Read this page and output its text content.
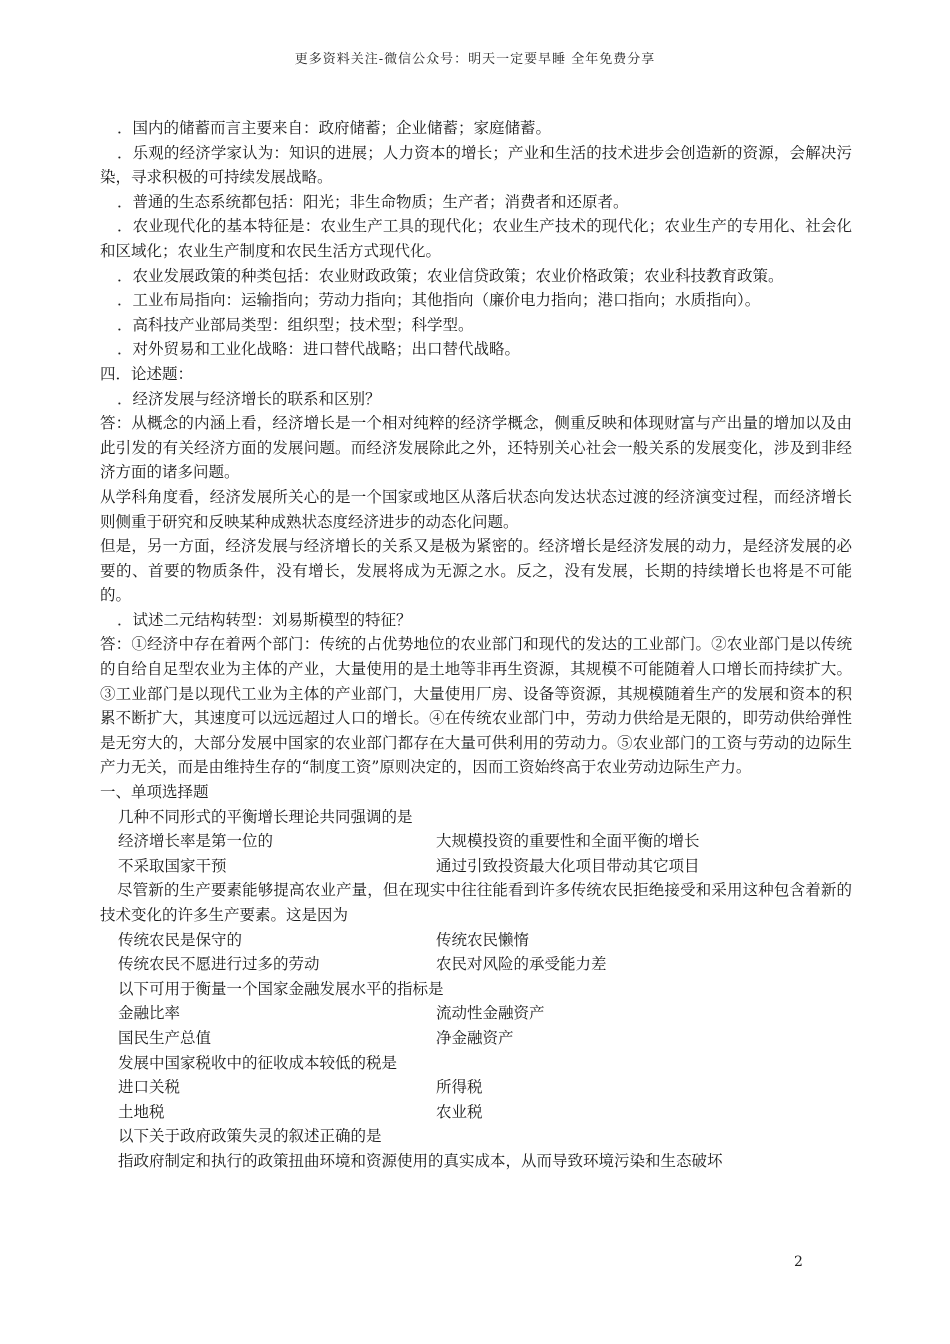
更多资料关注-微信公众号：明天一定要早睡 全年免费分享

．国内的储蓄而言主要来自：政府储蓄；企业储蓄；家庭储蓄。

．乐观的经济学家认为：知识的进展；人力资本的增长；产业和生活的技术进步会创造新的资源，会解决污染，寻求积极的可持续发展战略。

．普通的生态系统都包括：阳光；非生命物质；生产者；消费者和还原者。

．农业现代化的基本特征是：农业生产工具的现代化；农业生产技术的现代化；农业生产的专用化、社会化和区域化；农业生产制度和农民生活方式现代化。

．农业发展政策的种类包括：农业财政政策；农业信贷政策；农业价格政策；农业科技教育政策。

．工业布局指向：运输指向；劳动力指向；其他指向（廉价电力指向；港口指向；水质指向）。

．高科技产业部局类型：组织型；技术型；科学型。

．对外贸易和工业化战略：进口替代战略；出口替代战略。

四．论述题：

．经济发展与经济增长的联系和区别？

答：从概念的内涵上看，经济增长是一个相对纯粹的经济学概念，侧重反映和体现财富与产出量的增加以及由此引发的有关经济方面的发展问题。而经济发展除此之外，还特别关心社会一般关系的发展变化，涉及到非经济方面的诸多问题。

从学科角度看，经济发展所关心的是一个国家或地区从落后状态向发达状态过渡的经济演变过程，而经济增长则侧重于研究和反映某种成熟状态度经济进步的动态化问题。

但是，另一方面，经济发展与经济增长的关系又是极为紧密的。经济增长是经济发展的动力，是经济发展的必要的、首要的物质条件，没有增长，发展将成为无源之水。反之，没有发展，长期的持续增长也将是不可能的。

．试述二元结构转型：刘易斯模型的特征？

答：①经济中存在着两个部门：传统的占优势地位的农业部门和现代的发达的工业部门。②农业部门是以传统的自给自足型农业为主体的产业，大量使用的是土地等非再生资源，其规模不可能随着人口增长而持续扩大。③工业部门是以现代工业为主体的产业部门，大量使用厂房、设备等资源，其规模随着生产的发展和资本的积累不断扩大，其速度可以远远超过人口的增长。④在传统农业部门中，劳动力供给是无限的，即劳动供给弹性是无穷大的，大部分发展中国家的农业部门都存在大量可供利用的劳动力。⑤农业部门的工资与劳动的边际生产力无关，而是由维持生存的“制度工资”原则决定的，因而工资始终高于农业劳动边际生产力。

一、单项选择题

几种不同形式的平衡增长理论共同强调的是

经济增长率是第一位的	大规模投资的重要性和全面平衡的增长
不采取国家干预	通过引致投资最大化项目带动其它项目

尽管新的生产要素能够提高农业产量，但在现实中往往能看到许多传统农民拒绝接受和采用这种包含着新的技术变化的许多生产要素。这是因为

传统农民是保守的	传统农民懒惰
传统农民不愿进行过多的劳动	农民对风险的承受能力差

以下可用于衡量一个国家金融发展水平的指标是

金融比率	流动性金融资产
国民生产总值	净金融资产

发展中国家税收中的征收成本较低的税是

进口关税	所得税
土地税	农业税

以下关于政府政策失灵的叙述正确的是

指政府制定和执行的政策扭曲环境和资源使用的真实成本，从而导致环境污染和生态破坏

2
